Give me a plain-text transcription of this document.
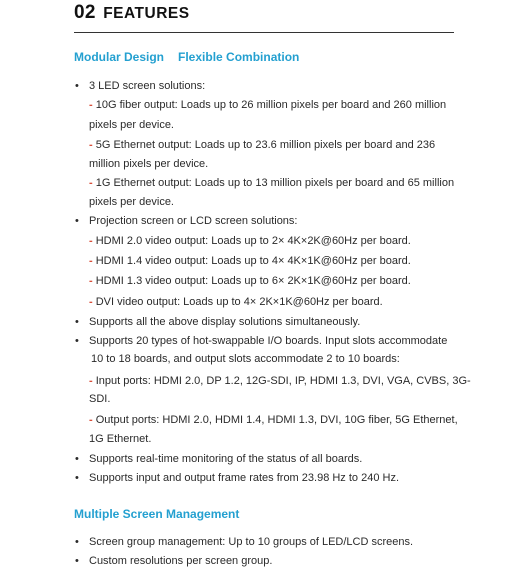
02 FEATURES
Modular Design Flexible Combination
• 3 LED screen solutions:
- 10G fiber output: Loads up to 26 million pixels per board and 260 million
pixels per device.
- 5G Ethernet output: Loads up to 23.6 million pixels per board and 236
million pixels per device.
- 1G Ethernet output: Loads up to 13 million pixels per board and 65 million
pixels per device.
• Projection screen or LCD screen solutions:
- HDMI 2.0 video output: Loads up to 2× 4K×2K@60Hz per board.
- HDMI 1.4 video output: Loads up to 4× 4K×1K@60Hz per board.
- HDMI 1.3 video output: Loads up to 6× 2K×1K@60Hz per board.
- DVI video output: Loads up to 4× 2K×1K@60Hz per board.
• Supports all the above display solutions simultaneously.
• Supports 20 types of hot-swappable I/O boards. Input slots accommodate
10 to 18 boards, and output slots accommodate 2 to 10 boards:
- Input ports: HDMI 2.0, DP 1.2, 12G-SDI, IP, HDMI 1.3, DVI, VGA, CVBS, 3G-
SDI.
- Output ports: HDMI 2.0, HDMI 1.4, HDMI 1.3, DVI, 10G fiber, 5G Ethernet,
1G Ethernet.
• Supports real-time monitoring of the status of all boards.
• Supports input and output frame rates from 23.98 Hz to 240 Hz.
Multiple Screen Management
• Screen group management: Up to 10 groups of LED/LCD screens.
• Custom resolutions per screen group.
